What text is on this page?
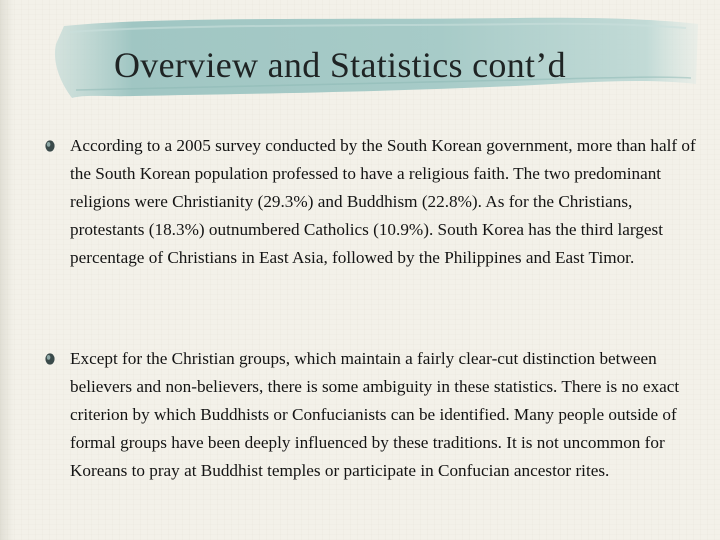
Overview and Statistics cont’d
According to a 2005 survey conducted by the South Korean government, more than half of the South Korean population professed to have a religious faith. The two predominant religions were Christianity (29.3%) and Buddhism (22.8%). As for the Christians, protestants (18.3%) outnumbered Catholics (10.9%). South Korea has the third largest percentage of Christians in East Asia, followed by the Philippines and East Timor.
Except for the Christian groups, which maintain a fairly clear-cut distinction between believers and non-believers, there is some ambiguity in these statistics. There is no exact criterion by which Buddhists or Confucianists can be identified. Many people outside of formal groups have been deeply influenced by these traditions. It is not uncommon for Koreans to pray at Buddhist temples or participate in Confucian ancestor rites.
